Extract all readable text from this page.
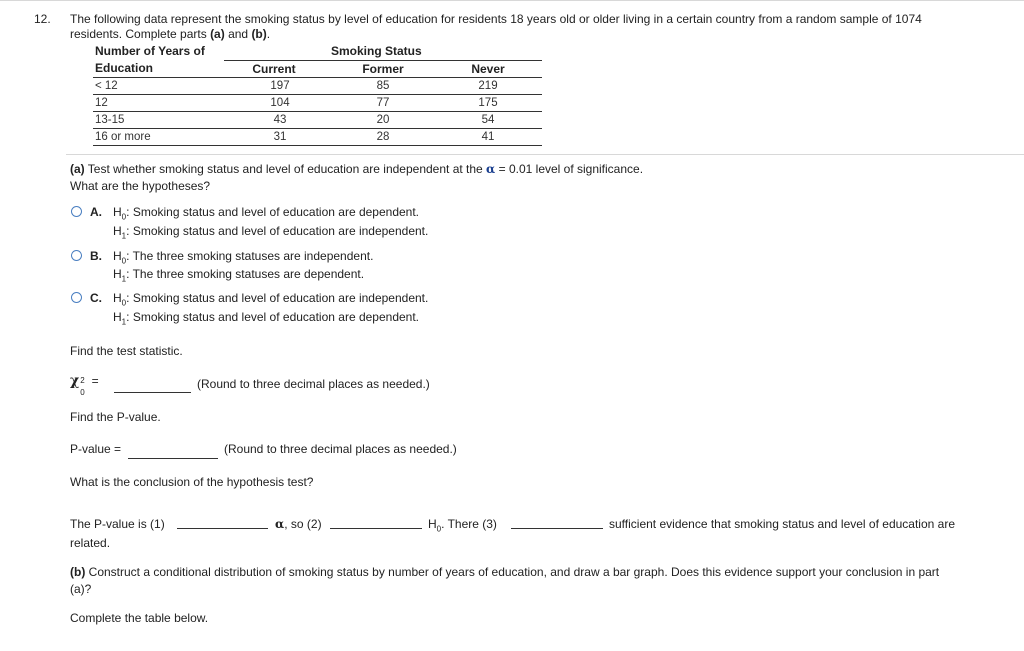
12. The following data represent the smoking status by level of education for residents 18 years old or older living in a certain country from a random sample of 1074
residents. Complete parts (a) and (b).
Number of Years of
Education
Smoking Status
Current	Former	Never
< 12	197	85	219
12	104	77	175
13-15	43	20	54
16 or more	31	28	41
(a) Test whether smoking status and level of education are independent at the α = 0.01 level of significance.
What are the hypotheses?
A. $H_0$: Smoking status and level of education are dependent.
$H_1$: Smoking status and level of education are independent.
B. $H_0$: The three smoking statuses are independent.
$H_1$: The three smoking statuses are dependent.
C. $H_0$: Smoking status and level of education are independent.
$H_1$: Smoking status and level of education are dependent.
Find the test statistic.
χ 2
0
=	(Round to three decimal places as needed.)
Find the P-value.
P-value =	(Round to three decimal places as needed.)
What is the conclusion of the hypothesis test?
The P-value is (1)	α, so (2)	$H_0$. There (3)	sufficient evidence that smoking status and level of education are
related.
(b) Construct a conditional distribution of smoking status by number of years of education, and draw a bar graph. Does this evidence support your conclusion in part
(a)?
Complete the table below.
